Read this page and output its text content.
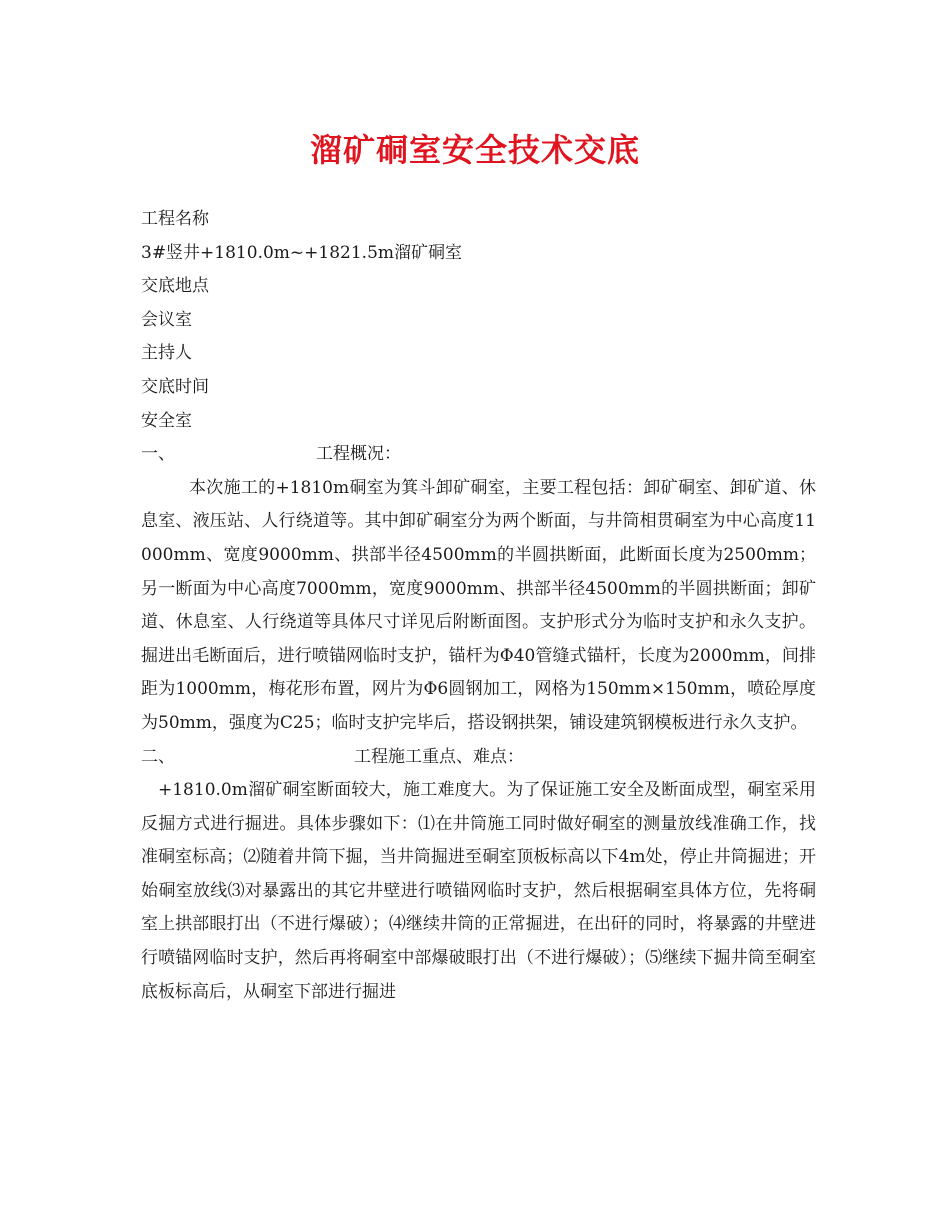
溜矿硐室安全技术交底
工程名称
3#竖井+1810.0m~+1821.5m溜矿硐室
交底地点
会议室
主持人
交底时间
安全室
一、	工程概况：
本次施工的+1810m硐室为箕斗卸矿硐室，主要工程包括：卸矿硐室、卸矿道、休息室、液压站、人行绕道等。其中卸矿硐室分为两个断面，与井筒相贯硐室为中心高度11000mm、宽度9000mm、拱部半径4500mm的半圆拱断面，此断面长度为2500mm；另一断面为中心高度7000mm，宽度9000mm、拱部半径4500mm的半圆拱断面；卸矿道、休息室、人行绕道等具体尺寸详见后附断面图。支护形式分为临时支护和永久支护。掘进出毛断面后，进行喷锚网临时支护，锚杆为Φ40管缝式锚杆，长度为2000mm，间排距为1000mm，梅花形布置，网片为Φ6圆钢加工，网格为150mm×150mm，喷砼厚度为50mm，强度为C25；临时支护完毕后，搭设钢拱架，铺设建筑钢模板进行永久支护。
二、	工程施工重点、难点：
+1810.0m溜矿硐室断面较大，施工难度大。为了保证施工安全及断面成型，硐室采用反掘方式进行掘进。具体步骤如下：⑴在井筒施工同时做好硐室的测量放线准确工作，找准硐室标高；⑵随着井筒下掘，当井筒掘进至硐室顶板标高以下4m处，停止井筒掘进；开始硐室放线⑶对暴露出的其它井壁进行喷锚网临时支护，然后根据硐室具体方位，先将硐室上拱部眼打出（不进行爆破）；⑷继续井筒的正常掘进，在出矸的同时，将暴露的井壁进行喷锚网临时支护，然后再将硐室中部爆破眼打出（不进行爆破）；⑸继续下掘井筒至硐室底板标高后，从硐室下部进行掘进
